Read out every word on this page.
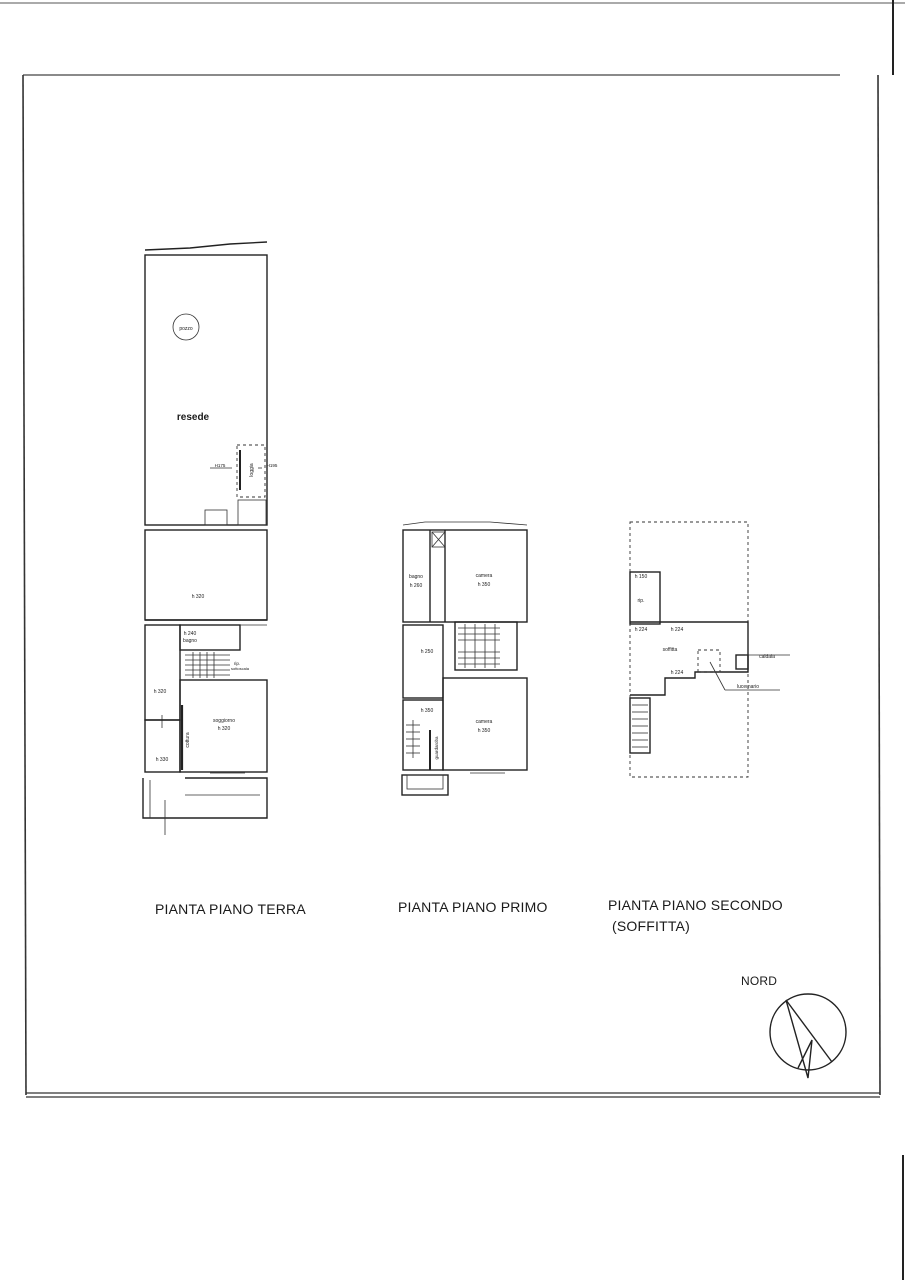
pozzo
resede
H175	H195
loggia
h 320
h 240
bagno
rip.
sottoscala
h 320
soggiorno
h 320
cottura
h 330
bagno
h 260
camera
h 350
h 250
h 350
camera
h 350
guardaroba
h 150
rip.
h 224	h 224
soffitta
caldaia
h 224
lucernario
PIANTA PIANO TERRA	PIANTA PIANO PRIMO	PIANTA PIANO SECONDO
(SOFFITTA)
NORD
